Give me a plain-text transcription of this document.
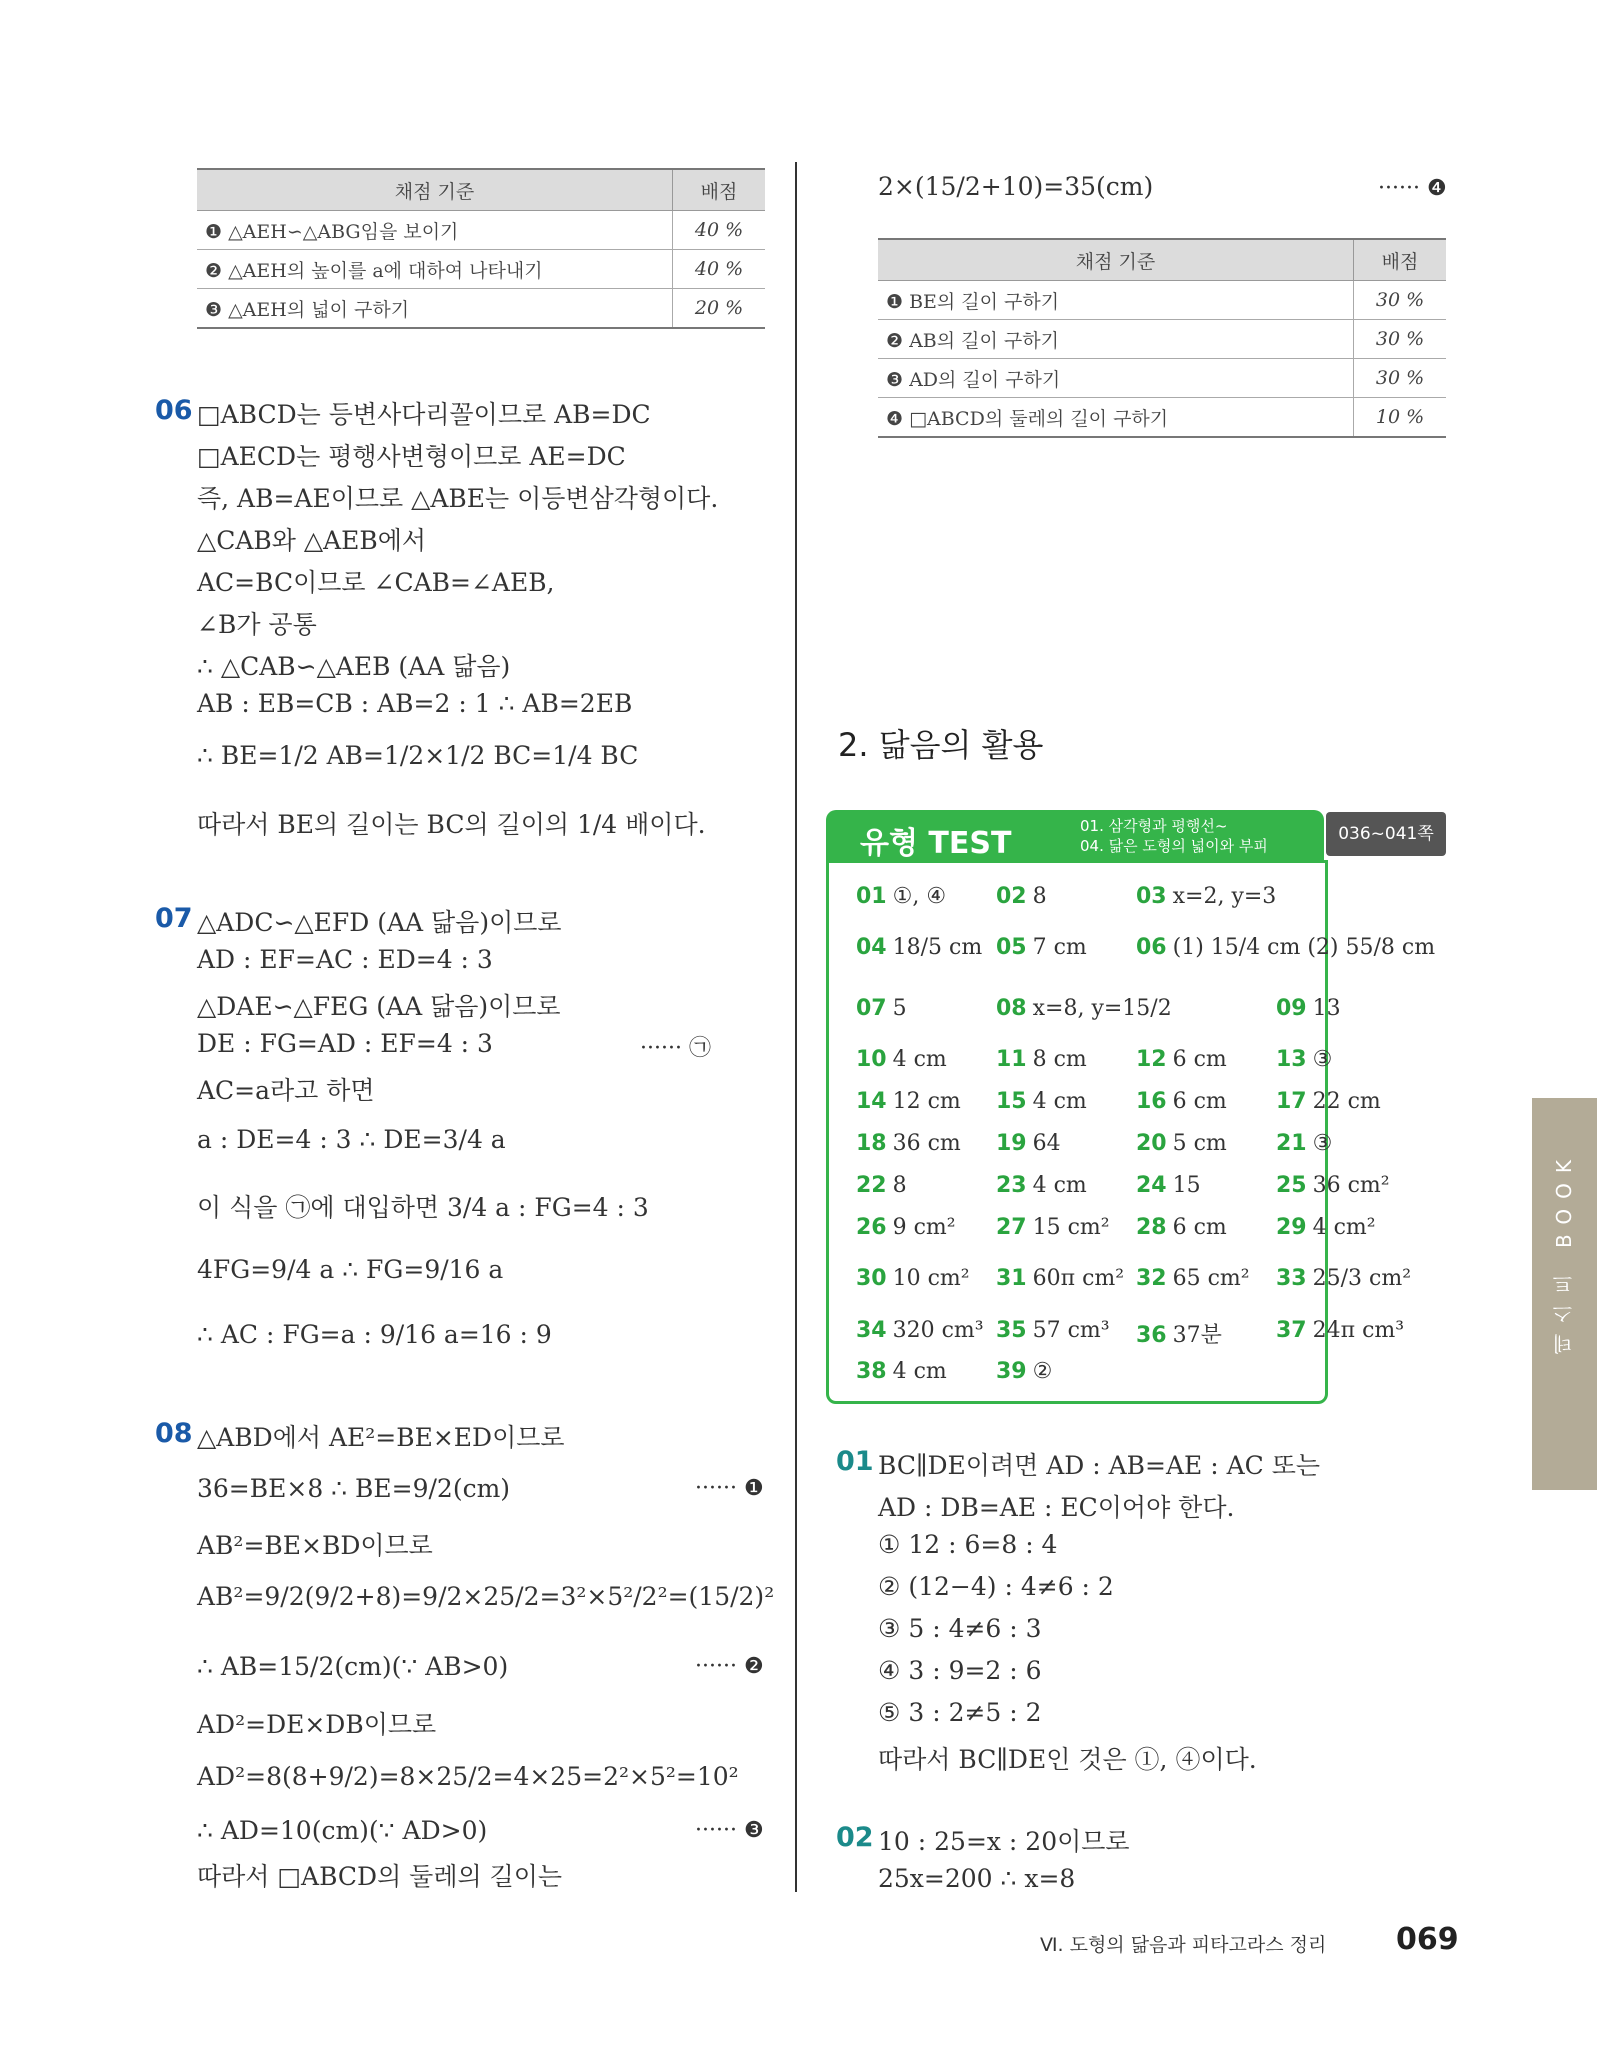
채점 기준	배점
❶ △AEH∽△ABG임을 보이기	40 %
❷ △AEH의 높이를 a에 대하여 나타내기	40 %
❸ △AEH의 넓이 구하기	20 %
06 □ABCD는 등변사다리꼴이므로 AB=DC
□AECD는 평행사변형이므로 AE=DC
즉, AB=AE이므로 △ABE는 이등변삼각형이다.
△CAB와 △AEB에서
AC=BC이므로 ∠CAB=∠AEB,
∠B가 공통
∴ △CAB∽△AEB (AA 닮음)
AB : EB=CB : AB=2 : 1 ∴ AB=2EB
∴ BE=1/2 AB=1/2×1/2 BC=1/4 BC
따라서 BE의 길이는 BC의 길이의 1/4 배이다.
07 △ADC∽△EFD (AA 닮음)이므로
AD : EF=AC : ED=4 : 3
△DAE∽△FEG (AA 닮음)이므로
DE : FG=AD : EF=4 : 3	······ ㉠
AC=a라고 하면
a : DE=4 : 3 ∴ DE=3/4 a
이 식을 ㉠에 대입하면 3/4 a : FG=4 : 3
4FG=9/4 a ∴ FG=9/16 a
∴ AC : FG=a : 9/16 a=16 : 9
08 △ABD에서 AE²=BE×ED이므로
36=BE×8 ∴ BE=9/2(cm)	······ ❶
AB²=BE×BD이므로
AB²=9/2(9/2+8)=9/2×25/2=3²×5²/2²=(15/2)²
∴ AB=15/2(cm)(∵ AB>0)	······ ❷
AD²=DE×DB이므로
AD²=8(8+9/2)=8×25/2=4×25=2²×5²=10²
∴ AD=10(cm)(∵ AD>0)	······ ❸
따라서 □ABCD의 둘레의 길이는
2×(15/2+10)=35(cm)	······ ❹
채점 기준	배점
❶ BE의 길이 구하기	30 %
❷ AB의 길이 구하기	30 %
❸ AD의 길이 구하기	30 %
❹ □ABCD의 둘레의 길이 구하기	10 %
2. 닮음의 활용
유형 TEST	01. 삼각형과 평행선~
04. 닮은 도형의 넓이와 부피
036~041쪽
01 ①, ④ 02 8	03 x=2, y=3
04 18/5 cm 05 7 cm 06 (1) 15/4 cm (2) 55/8 cm
07 5	08 x=8, y=15/2	09 13
10 4 cm 11 8 cm 12 6 cm 13 ③
14 12 cm 15 4 cm 16 6 cm 17 22 cm
18 36 cm 19 64	20 5 cm 21 ③
22 8	23 4 cm 24 15	25 36 cm²
26 9 cm² 27 15 cm² 28 6 cm 29 4 cm²
30 10 cm² 31 60π cm² 32 65 cm² 33 25/3 cm²
34 320 cm³ 35 57 cm³ 36 37분 37 24π cm³
38 4 cm 39 ②
01 BC∥DE이려면 AD : AB=AE : AC 또는
AD : DB=AE : EC이어야 한다.
① 12 : 6=8 : 4
② (12−4) : 4≠6 : 2
③ 5 : 4≠6 : 3
④ 3 : 9=2 : 6
⑤ 3 : 2≠5 : 2
따라서 BC∥DE인 것은 ①, ④이다.
02 10 : 25=x : 20이므로
25x=200 ∴ x=8
테스트 BOOK
Ⅵ. 도형의 닮음과 피타고라스 정리 069
